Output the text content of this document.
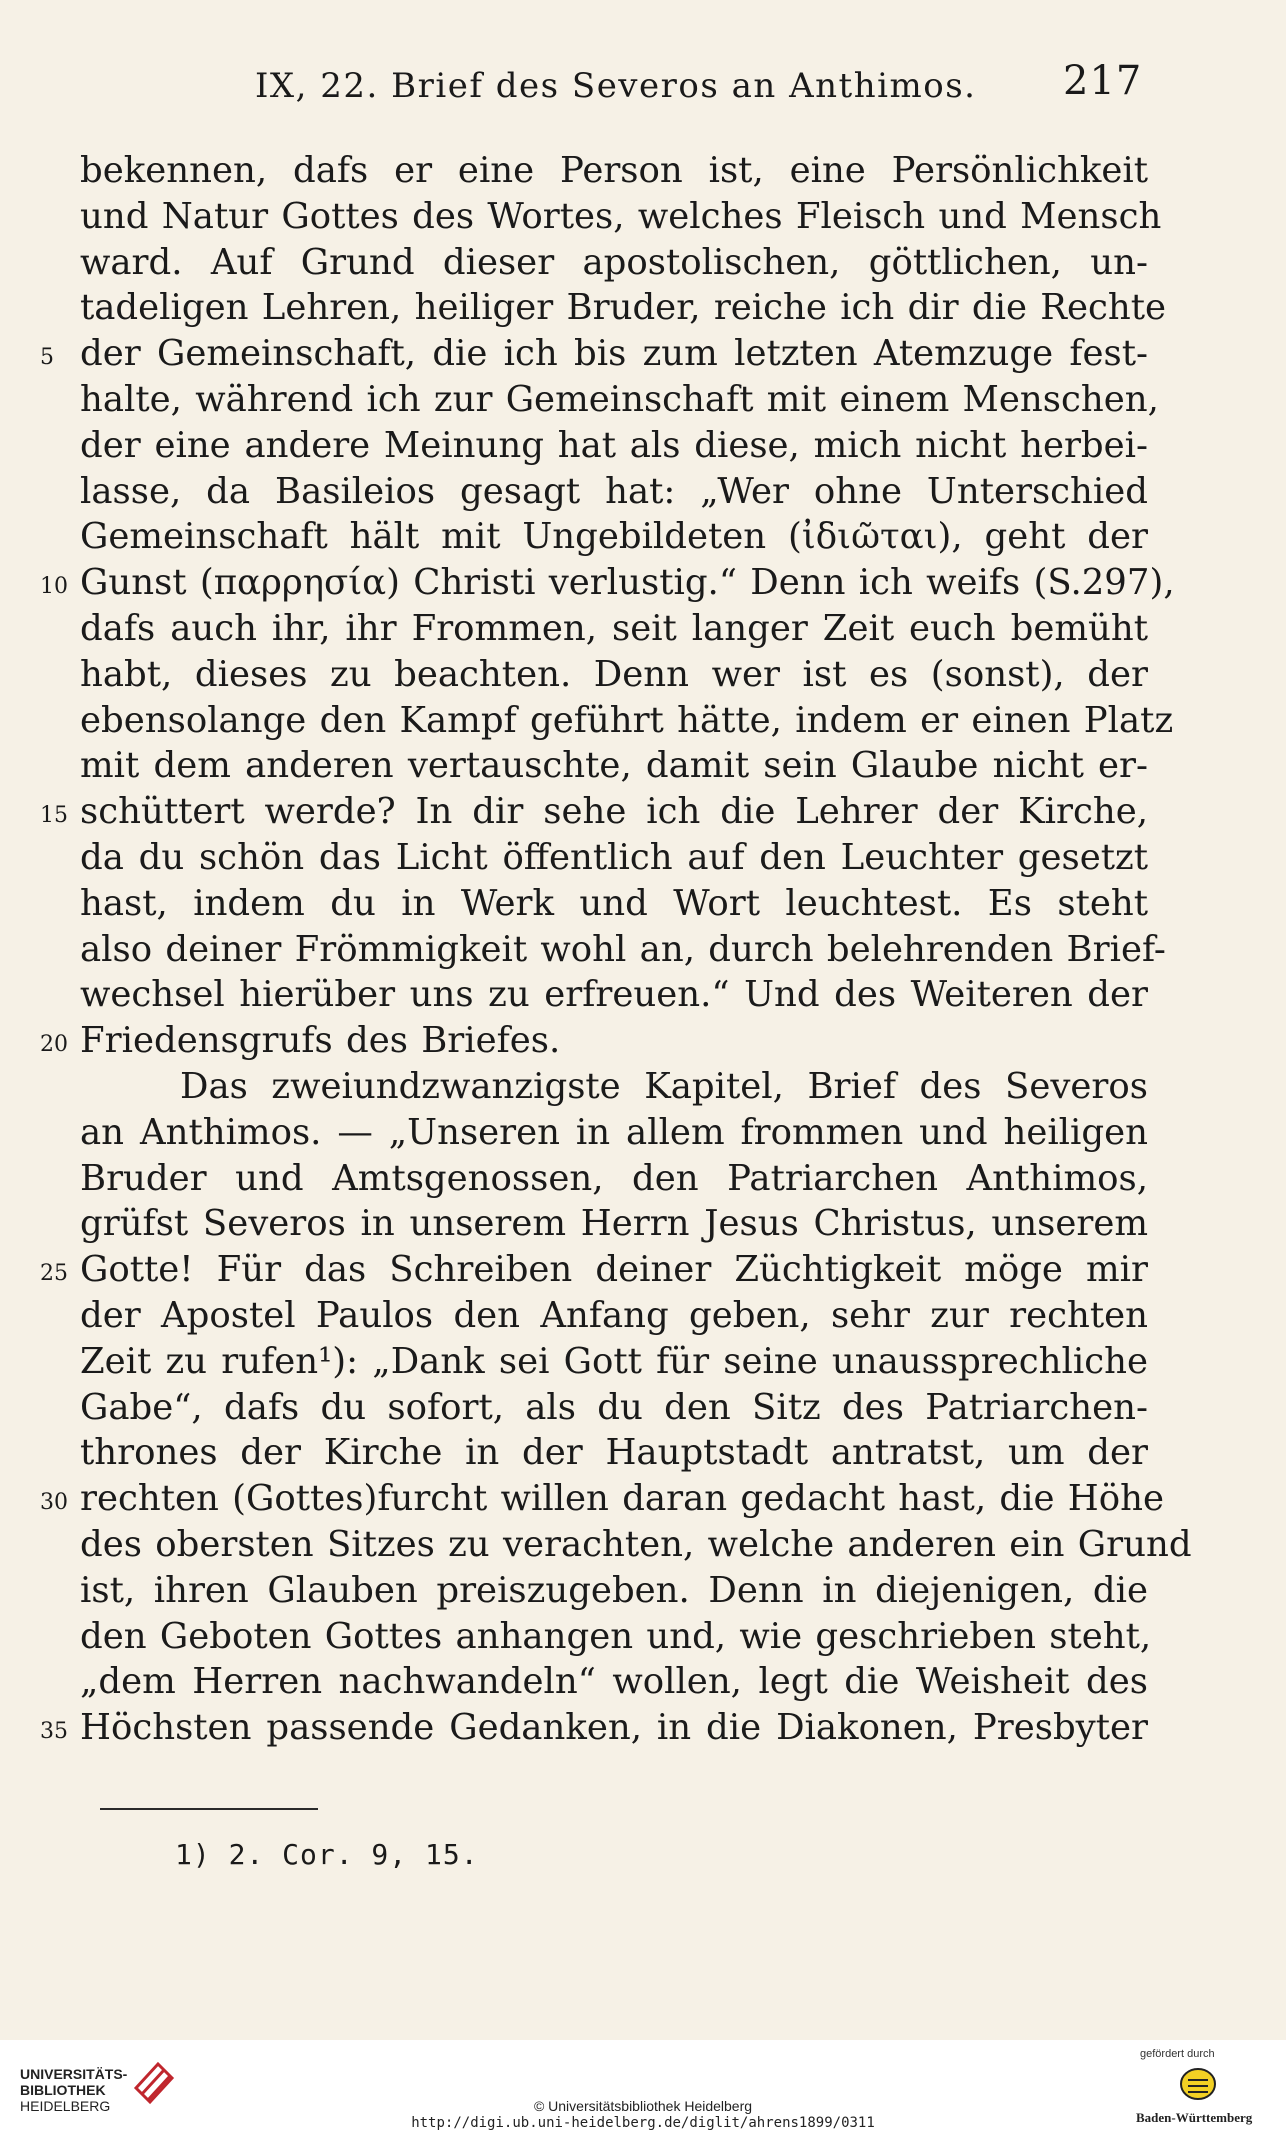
IX, 22. Brief des Severos an Anthimos. 217
bekennen, dafs er eine Person ist, eine Persönlichkeit
und Natur Gottes des Wortes, welches Fleisch und Mensch
ward. Auf Grund dieser apostolischen, göttlichen, un-
tadeligen Lehren, heiliger Bruder, reiche ich dir die Rechte
5 der Gemeinschaft, die ich bis zum letzten Atemzuge fest-
halte, während ich zur Gemeinschaft mit einem Menschen,
der eine andere Meinung hat als diese, mich nicht herbei-
lasse, da Basileios gesagt hat: „Wer ohne Unterschied
Gemeinschaft hält mit Ungebildeten (ἰδιῶται), geht der
10 Gunst (παρρησία) Christi verlustig.“ Denn ich weifs (S.297),
dafs auch ihr, ihr Frommen, seit langer Zeit euch bemüht
habt, dieses zu beachten. Denn wer ist es (sonst), der
ebensolange den Kampf geführt hätte, indem er einen Platz
mit dem anderen vertauschte, damit sein Glaube nicht er-
15 schüttert werde? In dir sehe ich die Lehrer der Kirche,
da du schön das Licht öffentlich auf den Leuchter gesetzt
hast, indem du in Werk und Wort leuchtest. Es steht
also deiner Frömmigkeit wohl an, durch belehrenden Brief-
wechsel hierüber uns zu erfreuen.“ Und des Weiteren der
20 Friedensgrufs des Briefes.
Das zweiundzwanzigste Kapitel, Brief des Severos
an Anthimos. — „Unseren in allem frommen und heiligen
Bruder und Amtsgenossen, den Patriarchen Anthimos,
grüfst Severos in unserem Herrn Jesus Christus, unserem
25 Gotte! Für das Schreiben deiner Züchtigkeit möge mir
der Apostel Paulos den Anfang geben, sehr zur rechten
Zeit zu rufen¹): „Dank sei Gott für seine unaussprechliche
Gabe“, dafs du sofort, als du den Sitz des Patriarchen-
thrones der Kirche in der Hauptstadt antratst, um der
30 rechten (Gottes)furcht willen daran gedacht hast, die Höhe
des obersten Sitzes zu verachten, welche anderen ein Grund
ist, ihren Glauben preiszugeben. Denn in diejenigen, die
den Geboten Gottes anhangen und, wie geschrieben steht,
„dem Herren nachwandeln“ wollen, legt die Weisheit des
35 Höchsten passende Gedanken, in die Diakonen, Presbyter
1) 2. Cor. 9, 15.
UNIVERSITÄTS-
BIBLIOTHEK
HEIDELBERG	© Universitätsbibliothek Heidelberg
http://digi.ub.uni-heidelberg.de/diglit/ahrens1899/0311
gefördert durch
Baden-Württemberg
